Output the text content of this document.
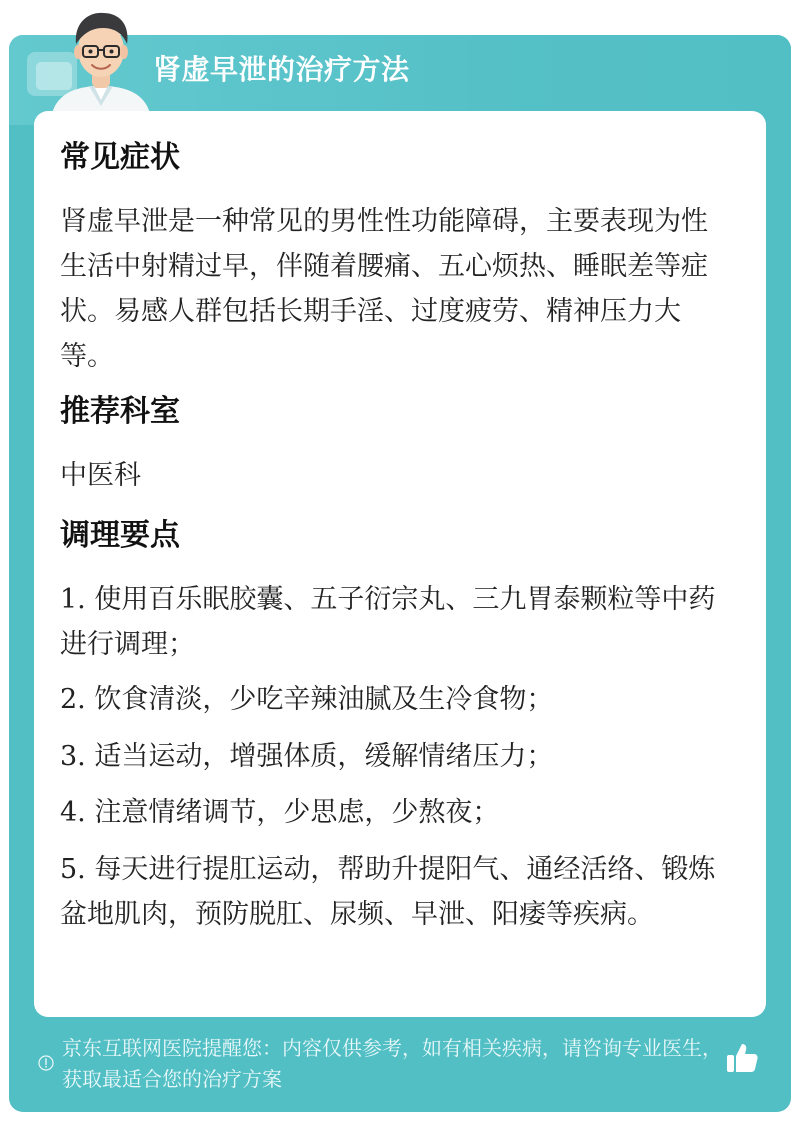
肾虚早泄的治疗方法
常见症状
肾虚早泄是一种常见的男性性功能障碍，主要表现为性生活中射精过早，伴随着腰痛、五心烦热、睡眠差等症状。易感人群包括长期手淫、过度疲劳、精神压力大等。
推荐科室
中医科
调理要点
1. 使用百乐眠胶囊、五子衍宗丸、三九胃泰颗粒等中药进行调理；
2. 饮食清淡，少吃辛辣油腻及生冷食物；
3. 适当运动，增强体质，缓解情绪压力；
4. 注意情绪调节，少思虑，少熬夜；
5. 每天进行提肛运动，帮助升提阳气、通经活络、锻炼盆地肌肉，预防脱肛、尿频、早泄、阳痿等疾病。
京东互联网医院提醒您：内容仅供参考，如有相关疾病，请咨询专业医生，获取最适合您的治疗方案
